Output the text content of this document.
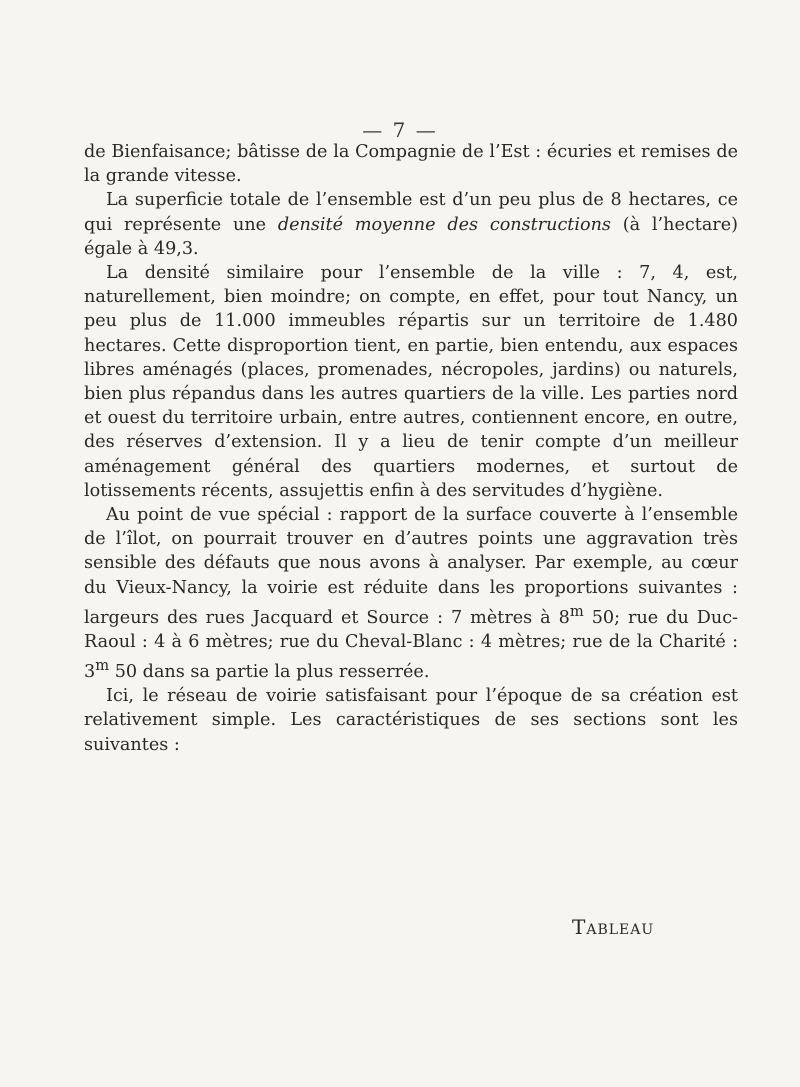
— 7 —

de Bienfaisance; bâtisse de la Compagnie de l’Est : écuries et remises de la grande vitesse.

La superficie totale de l’ensemble est d’un peu plus de 8 hectares, ce qui représente une densité moyenne des constructions (à l’hectare) égale à 49,3.

La densité similaire pour l’ensemble de la ville : 7, 4, est, naturellement, bien moindre; on compte, en effet, pour tout Nancy, un peu plus de 11.000 immeubles répartis sur un territoire de 1.480 hectares. Cette disproportion tient, en partie, bien entendu, aux espaces libres aménagés (places, promenades, nécropoles, jardins) ou naturels, bien plus répandus dans les autres quartiers de la ville. Les parties nord et ouest du territoire urbain, entre autres, contiennent encore, en outre, des réserves d’extension. Il y a lieu de tenir compte d’un meilleur aménagement général des quartiers modernes, et surtout de lotissements récents, assujettis enfin à des servitudes d’hygiène.

Au point de vue spécial : rapport de la surface couverte à l’ensemble de l’îlot, on pourrait trouver en d’autres points une aggravation très sensible des défauts que nous avons à analyser. Par exemple, au cœur du Vieux-Nancy, la voirie est réduite dans les proportions suivantes : largeurs des rues Jacquard et Source : 7 mètres à 8$^m$ 50; rue du Duc-Raoul : 4 à 6 mètres; rue du Cheval-Blanc : 4 mètres; rue de la Charité : 3$^m$ 50 dans sa partie la plus resserrée.

Ici, le réseau de voirie satisfaisant pour l’époque de sa création est relativement simple. Les caractéristiques de ses sections sont les suivantes :

Tableau
